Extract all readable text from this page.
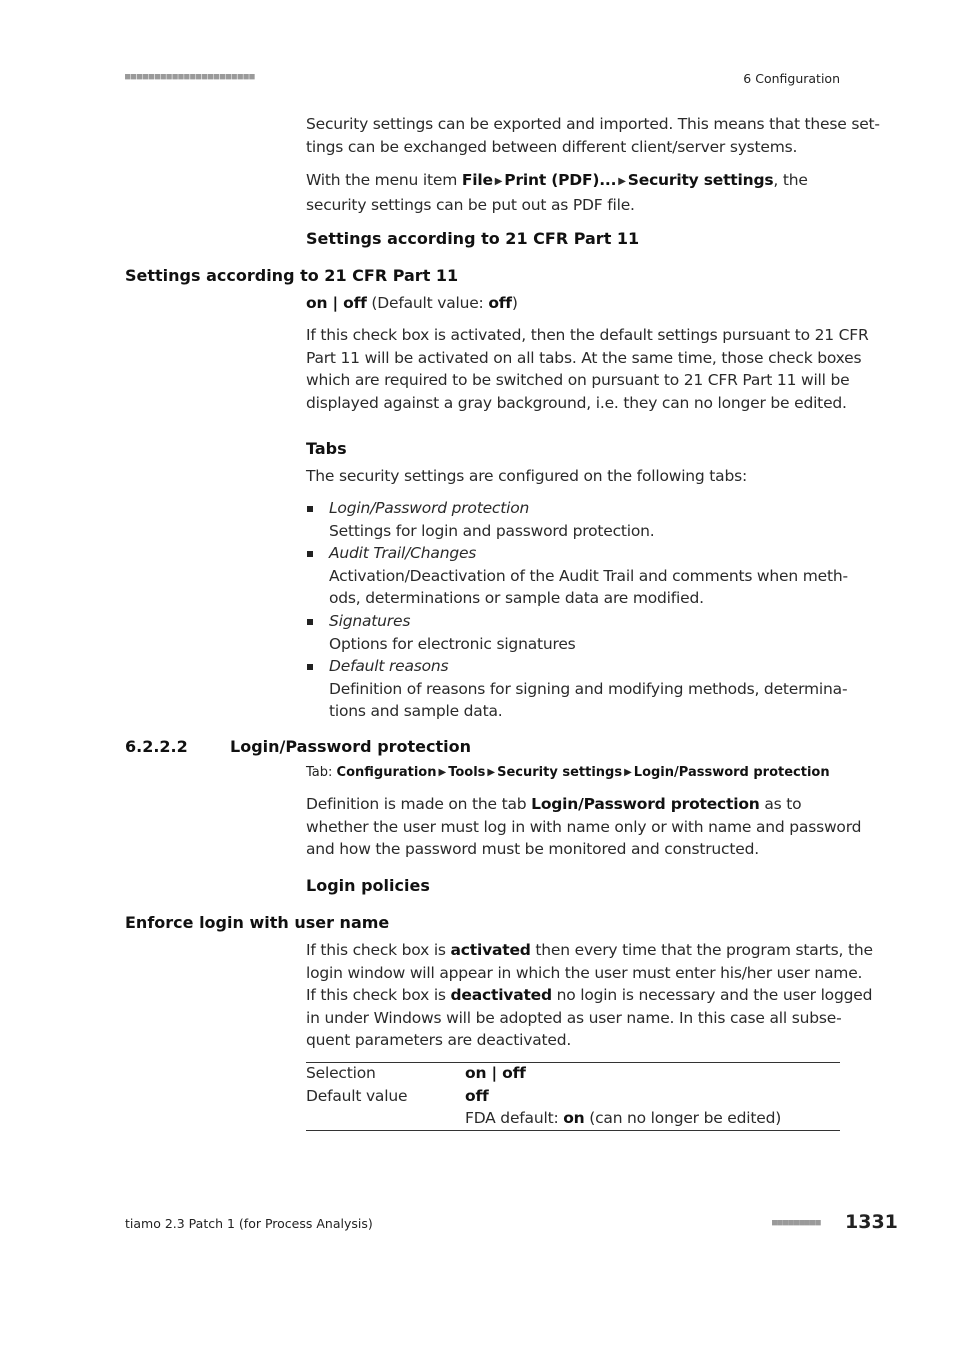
■■■■■■■■■■■■■■■■■■■■■■	6 Configuration
Security settings can be exported and imported. This means that these set-
tings can be exchanged between different client/server systems.
With the menu item File ▶ Print (PDF)... ▶ Security settings, the
security settings can be put out as PDF file.
Settings according to 21 CFR Part 11
Settings according to 21 CFR Part 11
on | off (Default value: off)
If this check box is activated, then the default settings pursuant to 21 CFR
Part 11 will be activated on all tabs. At the same time, those check boxes
which are required to be switched on pursuant to 21 CFR Part 11 will be
displayed against a gray background, i.e. they can no longer be edited.
Tabs
The security settings are configured on the following tabs:
Login/Password protection
Settings for login and password protection.
Audit Trail/Changes
Activation/Deactivation of the Audit Trail and comments when meth-
ods, determinations or sample data are modified.
Signatures
Options for electronic signatures
Default reasons
Definition of reasons for signing and modifying methods, determina-
tions and sample data.
6.2.2.2	Login/Password protection
Tab: Configuration ▶ Tools ▶ Security settings ▶ Login/Password protection
Definition is made on the tab Login/Password protection as to
whether the user must log in with name only or with name and password
and how the password must be monitored and constructed.
Login policies
Enforce login with user name
If this check box is activated then every time that the program starts, the
login window will appear in which the user must enter his/her user name.
If this check box is deactivated no login is necessary and the user logged
in under Windows will be adopted as user name. In this case all subse-
quent parameters are deactivated.
Selection	on | off
Default value	off
FDA default: on (can no longer be edited)
tiamo 2.3 Patch 1 (for Process Analysis)	■■■■■■■■■ 1331
